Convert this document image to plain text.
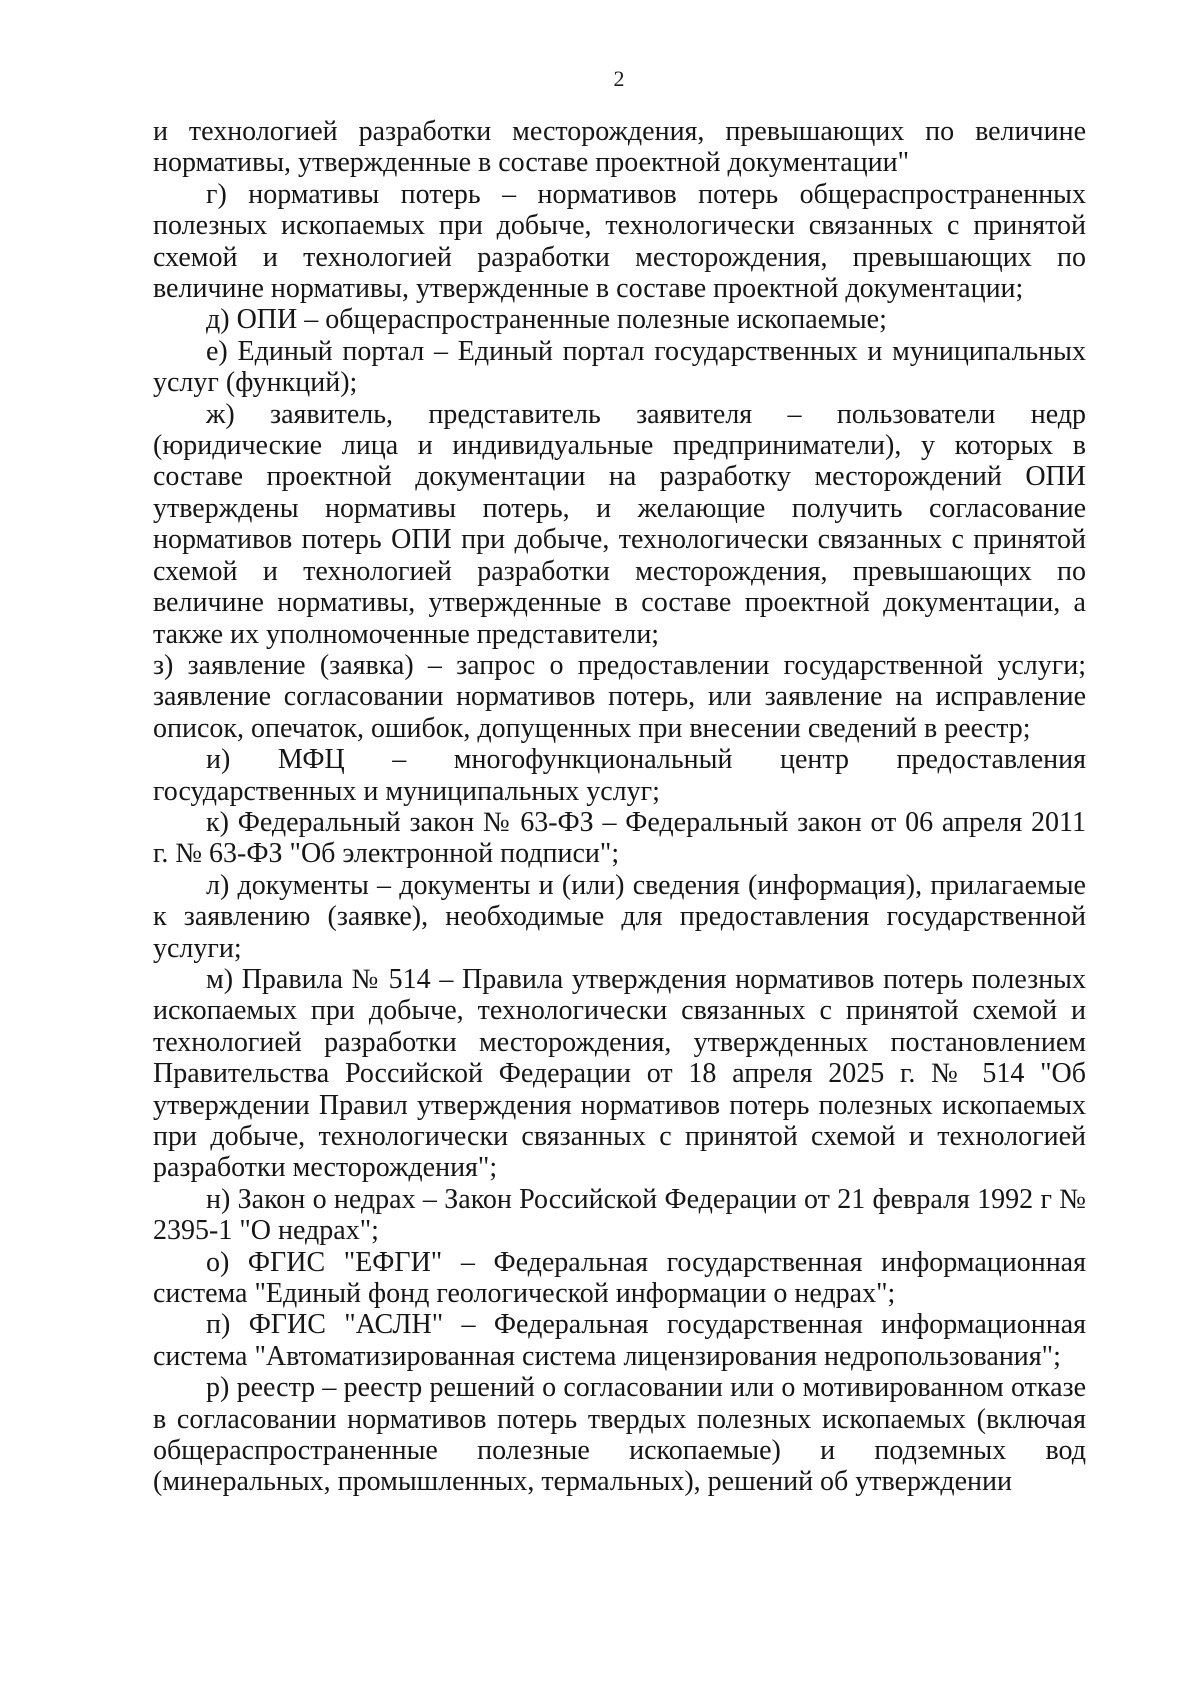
2

и технологией разработки месторождения, превышающих по величине нормативы, утвержденные в составе проектной документации"

г) нормативы потерь – нормативов потерь общераспространенных полезных ископаемых при добыче, технологически связанных с принятой схемой и технологией разработки месторождения, превышающих по величине нормативы, утвержденные в составе проектной документации;

д) ОПИ – общераспространенные полезные ископаемые;

е) Единый портал – Единый портал государственных и муниципальных услуг (функций);

ж) заявитель, представитель заявителя – пользователи недр (юридические лица и индивидуальные предприниматели), у которых в составе проектной документации на разработку месторождений ОПИ утверждены нормативы потерь, и желающие получить согласование нормативов потерь ОПИ при добыче, технологически связанных с принятой схемой и технологией разработки месторождения, превышающих по величине нормативы, утвержденные в составе проектной документации, а также их уполномоченные представители;

з) заявление (заявка) – запрос о предоставлении государственной услуги; заявление согласовании нормативов потерь, или заявление на исправление описок, опечаток, ошибок, допущенных при внесении сведений в реестр;

и) МФЦ – многофункциональный центр предоставления государственных и муниципальных услуг;

к) Федеральный закон № 63-ФЗ – Федеральный закон от 06 апреля 2011 г. № 63-ФЗ "Об электронной подписи";

л) документы – документы и (или) сведения (информация), прилагаемые к заявлению (заявке), необходимые для предоставления государственной услуги;

м) Правила № 514 – Правила утверждения нормативов потерь полезных ископаемых при добыче, технологически связанных с принятой схемой и технологией разработки месторождения, утвержденных постановлением Правительства Российской Федерации от 18 апреля 2025 г. № 514 "Об утверждении Правил утверждения нормативов потерь полезных ископаемых при добыче, технологически связанных с принятой схемой и технологией разработки месторождения";

н) Закон о недрах – Закон Российской Федерации от 21 февраля 1992 г № 2395-1 "О недрах";

о) ФГИС "ЕФГИ" – Федеральная государственная информационная система "Единый фонд геологической информации о недрах";

п) ФГИС "АСЛН" – Федеральная государственная информационная система "Автоматизированная система лицензирования недропользования";

р) реестр – реестр решений о согласовании или о мотивированном отказе в согласовании нормативов потерь твердых полезных ископаемых (включая общераспространенные полезные ископаемые) и подземных вод (минеральных, промышленных, термальных), решений об утверждении
